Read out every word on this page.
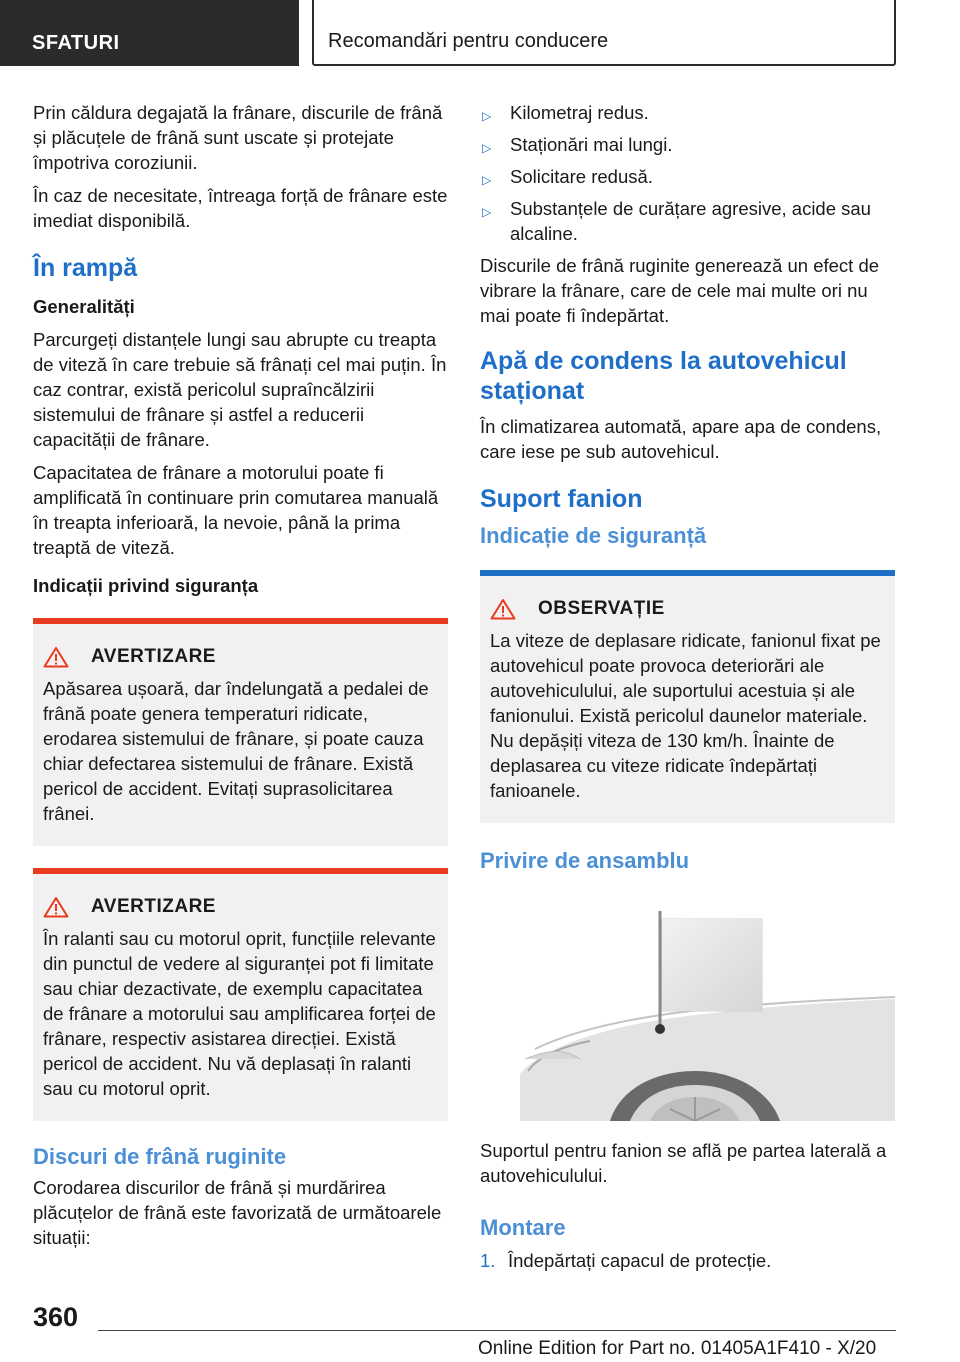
SFATURI	Recomandări pentru conducere

Prin căldura degajată la frânare, discurile de frână și plăcuțele de frână sunt uscate și protejate împotriva coroziunii.

În caz de necesitate, întreaga forță de frânare este imediat disponibilă.

În rampă
Generalități

Parcurgeți distanțele lungi sau abrupte cu treapta de viteză în care trebuie să frânați cel mai puțin. În caz contrar, există pericolul supraîncălzirii sistemului de frânare și astfel a reducerii capacității de frânare.

Capacitatea de frânare a motorului poate fi amplificată în continuare prin comutarea manuală în treapta inferioară, la nevoie, până la prima treaptă de viteză.

Indicații privind siguranța
AVERTIZARE
Apăsarea ușoară, dar îndelungată a pedalei de frână poate genera temperaturi ridicate, erodarea sistemului de frânare, și poate cauza chiar defectarea sistemului de frânare. Există pericol de accident. Evitați suprasolicitarea frânei.
AVERTIZARE
În ralanti sau cu motorul oprit, funcțiile relevante din punctul de vedere al siguranței pot fi limitate sau chiar dezactivate, de exemplu capacitatea de frânare a motorului sau amplificarea forței de frânare, respectiv asistarea direcției. Există pericol de accident. Nu vă deplasați în ralanti sau cu motorul oprit.
Discuri de frână ruginite

Corodarea discurilor de frână și murdărirea plăcuțelor de frână este favorizată de următoarele situații:

▷ Kilometraj redus.
▷ Staționări mai lungi.
▷ Solicitare redusă.
▷ Substanțele de curățare agresive, acide sau alcaline.

Discurile de frână ruginite generează un efect de vibrare la frânare, care de cele mai multe ori nu mai poate fi îndepărtat.

Apă de condens la autovehicul staționat

În climatizarea automată, apare apa de condens, care iese pe sub autovehicul.

Suport fanion
Indicație de siguranță
OBSERVAȚIE
La viteze de deplasare ridicate, fanionul fixat pe autovehicul poate provoca deteriorări ale autovehiculului, ale suportului acestuia și ale fanionului. Există pericolul daunelor materiale. Nu depășiți viteza de 130 km/h. Înainte de deplasarea cu viteze ridicate îndepărtați fanioanele.
Privire de ansamblu

Suportul pentru fanion se află pe partea laterală a autovehiculului.

Montare
1. Îndepărtați capacul de protecție.
360
Online Edition for Part no. 01405A1F410 - X/20
